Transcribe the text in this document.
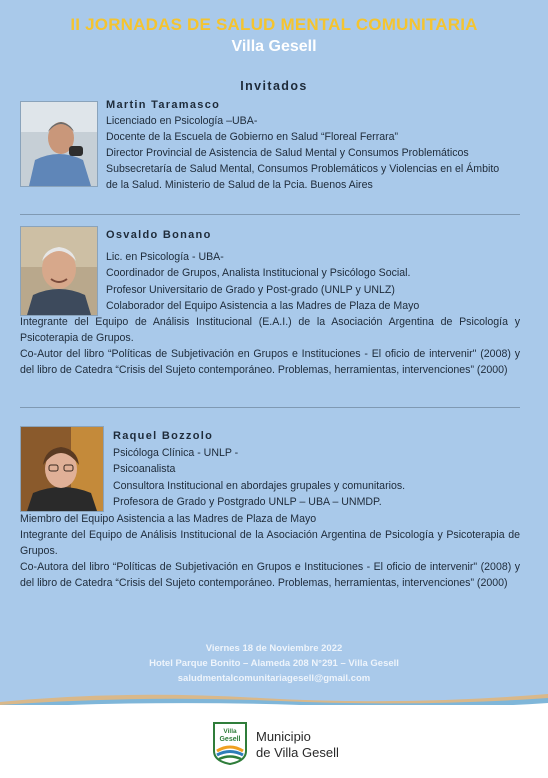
II JORNADAS DE SALUD MENTAL COMUNITARIA
Villa Gesell
Invitados
Martin Taramasco
Licenciado en Psicología –UBA-
Docente de la Escuela de Gobierno en Salud “Floreal Ferrara”
Director Provincial de Asistencia de Salud Mental y Consumos Problemáticos
Subsecretaría de Salud Mental, Consumos Problemáticos y Violencias en el Ámbito
de la Salud. Ministerio de Salud de la Pcia. Buenos Aires
Osvaldo Bonano
Lic. en Psicología - UBA-
Coordinador de Grupos, Analista Institucional y Psicólogo Social.
Profesor Universitario de Grado y Post-grado (UNLP y UNLZ)
Colaborador del Equipo Asistencia a las Madres de Plaza de Mayo
Integrante del Equipo de Análisis Institucional (E.A.I.) de la Asociación Argentina de Psicología y Psicoterapia de Grupos.
Co-Autor del libro “Políticas de Subjetivación en Grupos e Instituciones - El oficio de intervenir" (2008) y del libro de Catedra “Crisis del Sujeto contemporáneo. Problemas, herramientas, intervenciones” (2000)
Raquel Bozzolo
Psicóloga Clínica - UNLP -
Psicoanalista
Consultora Institucional en abordajes grupales y comunitarios.
Profesora de Grado y Postgrado UNLP – UBA – UNMDP.
Miembro del Equipo Asistencia a las Madres de Plaza de Mayo
Integrante del Equipo de Análisis Institucional de la Asociación Argentina de Psicología y Psicoterapia de Grupos.
Co-Autora del libro “Políticas de Subjetivación en Grupos e Instituciones - El oficio de intervenir" (2008) y del libro de Catedra “Crisis del Sujeto contemporáneo. Problemas, herramientas, intervenciones” (2000)
Viernes 18 de Noviembre 2022
Hotel Parque Bonito – Alameda 208 N°291 – Villa Gesell
saludmentalcomunitariagesell@gmail.com
Villa
Gesell Municipio
de Villa Gesell
